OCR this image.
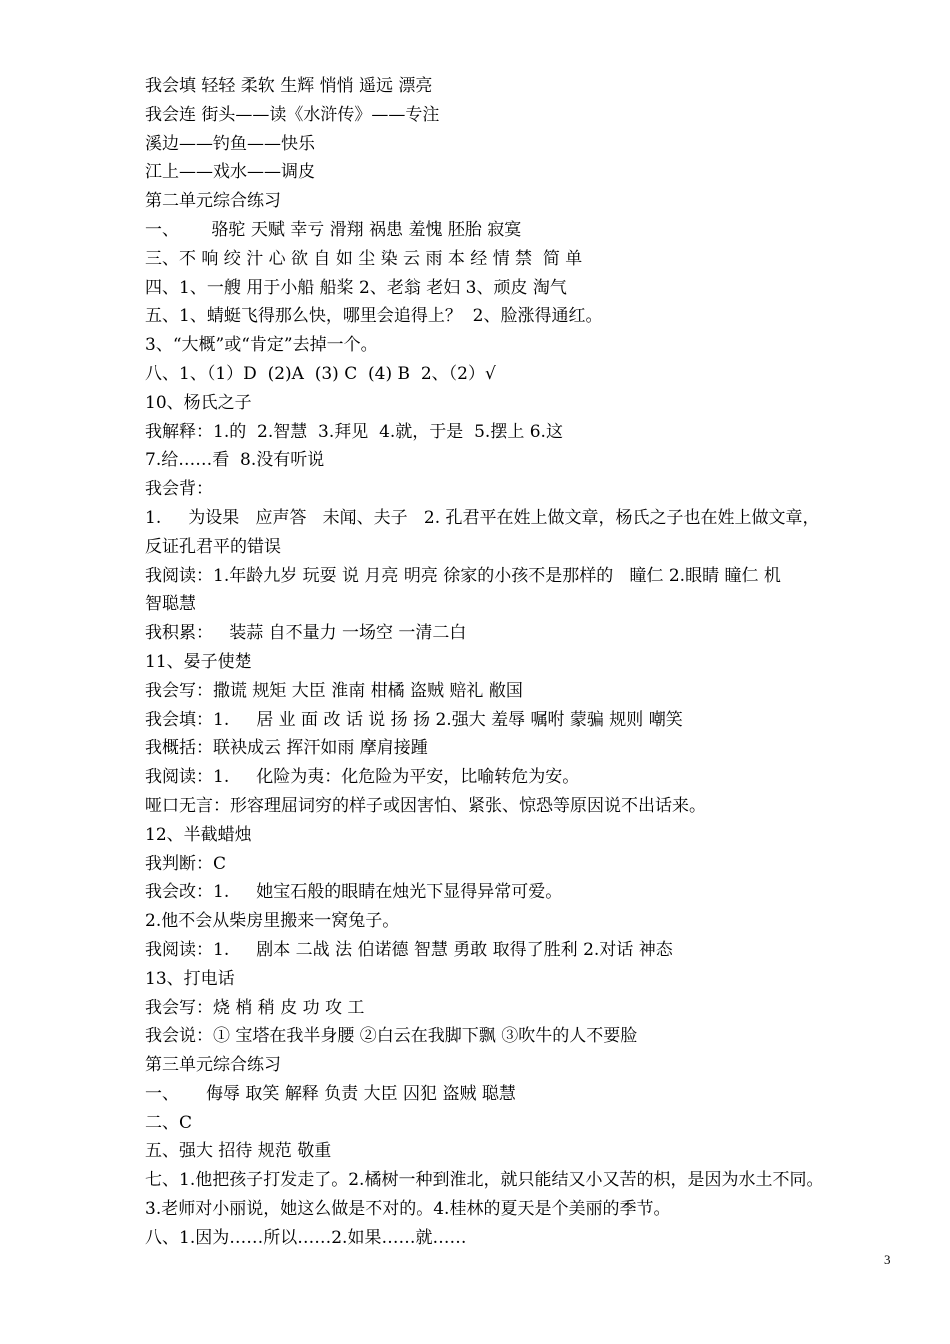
我会填 轻轻 柔软 生辉 悄悄 遥远 漂亮
我会连 街头——读《水浒传》——专注
溪边——钓鱼——快乐
江上——戏水——调皮
第二单元综合练习
一、      骆驼 天赋 幸亏 滑翔 祸患 羞愧 胚胎 寂寞
三、不 响 绞 汁 心 欲 自 如 尘 染 云 雨 本 经 情 禁  简 单
四、1、一艘 用于小船 船桨 2、老翁 老妇 3、顽皮 淘气
五、1、蜻蜓飞得那么快，哪里会追得上？  2、脸涨得通红。
3、“大概”或“肯定”去掉一个。
八、1、（1）D  (2)A  (3) C  (4) B  2、（2）√
10、杨氏之子
我解释：1.的  2.智慧  3.拜见  4.就，于是  5.摆上 6.这
7.给……看  8.没有听说
我会背：
1.     为设果   应声答   未闻、夫子   2. 孔君平在姓上做文章，杨氏之子也在姓上做文章，
反证孔君平的错误
我阅读：1.年龄九岁 玩耍 说 月亮 明亮 徐家的小孩不是那样的   瞳仁 2.眼睛 瞳仁 机
智聪慧
我积累：   装蒜 自不量力 一场空 一清二白
11、晏子使楚
我会写：撒谎 规矩 大臣 淮南 柑橘 盗贼 赔礼 敝国
我会填：1.     居 业 面 改 话 说 扬 扬 2.强大 羞辱 嘱咐 蒙骗 规则 嘲笑
我概括：联袂成云 挥汗如雨 摩肩接踵
我阅读：1.     化险为夷：化危险为平安，比喻转危为安。
哑口无言：形容理屈词穷的样子或因害怕、紧张、惊恐等原因说不出话来。
12、半截蜡烛
我判断：C
我会改：1.     她宝石般的眼睛在烛光下显得异常可爱。
2.他不会从柴房里搬来一窝兔子。
我阅读：1.     剧本 二战 法 伯诺德 智慧 勇敢 取得了胜利 2.对话 神态
13、打电话
我会写：烧 梢 稍 皮 功 攻 工
我会说：① 宝塔在我半身腰 ②白云在我脚下飘 ③吹牛的人不要脸
第三单元综合练习
一、     侮辱 取笑 解释 负责 大臣 囚犯 盗贼 聪慧
二、C
五、强大 招待 规范 敬重
七、1.他把孩子打发走了。2.橘树一种到淮北，就只能结又小又苦的枳，是因为水土不同。
3.老师对小丽说，她这么做是不对的。4.桂林的夏天是个美丽的季节。
八、1.因为……所以……2.如果……就……
3
